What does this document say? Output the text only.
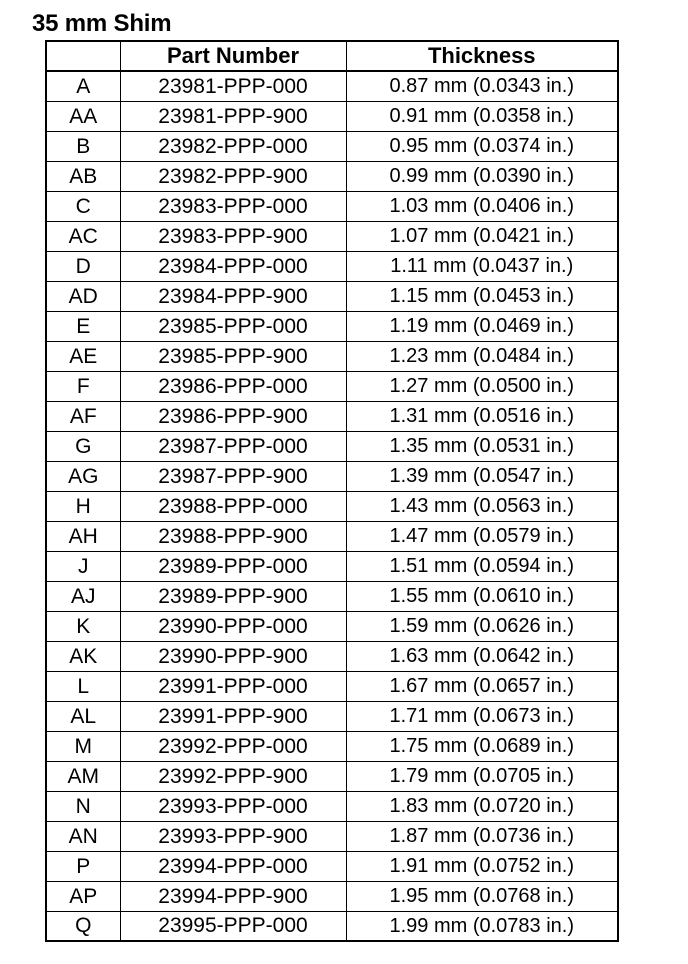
35 mm Shim
	Part Number	Thickness
A	23981-PPP-000	0.87 mm (0.0343 in.)
AA	23981-PPP-900	0.91 mm (0.0358 in.)
B	23982-PPP-000	0.95 mm (0.0374 in.)
AB	23982-PPP-900	0.99 mm (0.0390 in.)
C	23983-PPP-000	1.03 mm (0.0406 in.)
AC	23983-PPP-900	1.07 mm (0.0421 in.)
D	23984-PPP-000	1.11 mm (0.0437 in.)
AD	23984-PPP-900	1.15 mm (0.0453 in.)
E	23985-PPP-000	1.19 mm (0.0469 in.)
AE	23985-PPP-900	1.23 mm (0.0484 in.)
F	23986-PPP-000	1.27 mm (0.0500 in.)
AF	23986-PPP-900	1.31 mm (0.0516 in.)
G	23987-PPP-000	1.35 mm (0.0531 in.)
AG	23987-PPP-900	1.39 mm (0.0547 in.)
H	23988-PPP-000	1.43 mm (0.0563 in.)
AH	23988-PPP-900	1.47 mm (0.0579 in.)
J	23989-PPP-000	1.51 mm (0.0594 in.)
AJ	23989-PPP-900	1.55 mm (0.0610 in.)
K	23990-PPP-000	1.59 mm (0.0626 in.)
AK	23990-PPP-900	1.63 mm (0.0642 in.)
L	23991-PPP-000	1.67 mm (0.0657 in.)
AL	23991-PPP-900	1.71 mm (0.0673 in.)
M	23992-PPP-000	1.75 mm (0.0689 in.)
AM	23992-PPP-900	1.79 mm (0.0705 in.)
N	23993-PPP-000	1.83 mm (0.0720 in.)
AN	23993-PPP-900	1.87 mm (0.0736 in.)
P	23994-PPP-000	1.91 mm (0.0752 in.)
AP	23994-PPP-900	1.95 mm (0.0768 in.)
Q	23995-PPP-000	1.99 mm (0.0783 in.)
